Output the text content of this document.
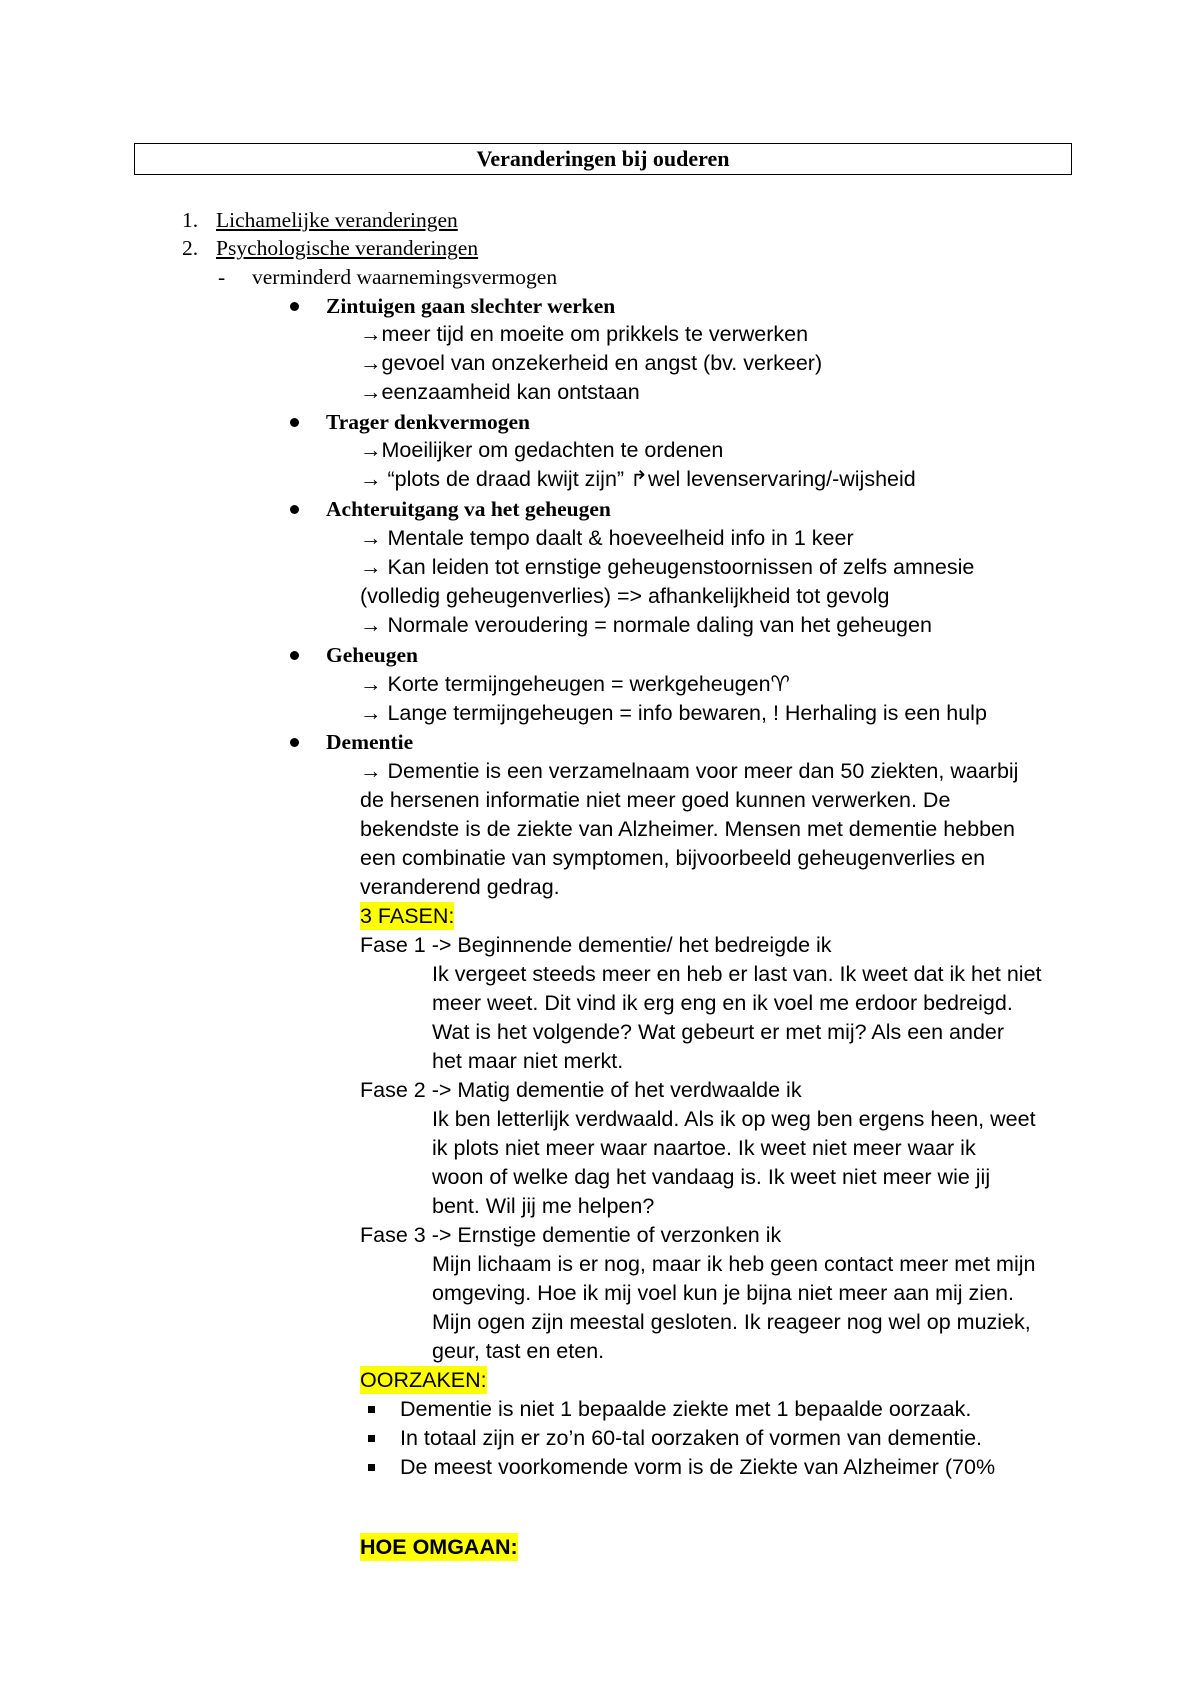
Veranderingen bij ouderen
1. Lichamelijke veranderingen
2. Psychologische veranderingen
- verminderd waarnemingsvermogen
Zintuigen gaan slechter werken
→meer tijd en moeite om prikkels te verwerken
→gevoel van onzekerheid en angst (bv. verkeer)
→eenzaamheid kan ontstaan
Trager denkvermogen
→Moeilijker om gedachten te ordenen
→ “plots de draad kwijt zijn” ↱wel levenservaring/-wijsheid
Achteruitgang va het geheugen
→ Mentale tempo daalt & hoeveelheid info in 1 keer
→ Kan leiden tot ernstige geheugenstoornissen of zelfs amnesie
(volledig geheugenverlies) => afhankelijkheid tot gevolg
→ Normale veroudering = normale daling van het geheugen
Geheugen
→ Korte termijngeheugen = werkgeheugen♈
→ Lange termijngeheugen = info bewaren, ! Herhaling is een hulp
Dementie
→ Dementie is een verzamelnaam voor meer dan 50 ziekten, waarbij
de hersenen informatie niet meer goed kunnen verwerken. De
bekendste is de ziekte van Alzheimer. Mensen met dementie hebben
een combinatie van symptomen, bijvoorbeeld geheugenverlies en
veranderend gedrag.
3 FASEN:
Fase 1 -> Beginnende dementie/ het bedreigde ik
Ik vergeet steeds meer en heb er last van. Ik weet dat ik het niet
meer weet. Dit vind ik erg eng en ik voel me erdoor bedreigd.
Wat is het volgende? Wat gebeurt er met mij? Als een ander
het maar niet merkt.
Fase 2 -> Matig dementie of het verdwaalde ik
Ik ben letterlijk verdwaald. Als ik op weg ben ergens heen, weet
ik plots niet meer waar naartoe. Ik weet niet meer waar ik
woon of welke dag het vandaag is. Ik weet niet meer wie jij
bent. Wil jij me helpen?
Fase 3 -> Ernstige dementie of verzonken ik
Mijn lichaam is er nog, maar ik heb geen contact meer met mijn
omgeving. Hoe ik mij voel kun je bijna niet meer aan mij zien.
Mijn ogen zijn meestal gesloten. Ik reageer nog wel op muziek,
geur, tast en eten.
OORZAKEN:
Dementie is niet 1 bepaalde ziekte met 1 bepaalde oorzaak.
In totaal zijn er zo’n 60-tal oorzaken of vormen van dementie.
De meest voorkomende vorm is de Ziekte van Alzheimer (70%
HOE OMGAAN:
